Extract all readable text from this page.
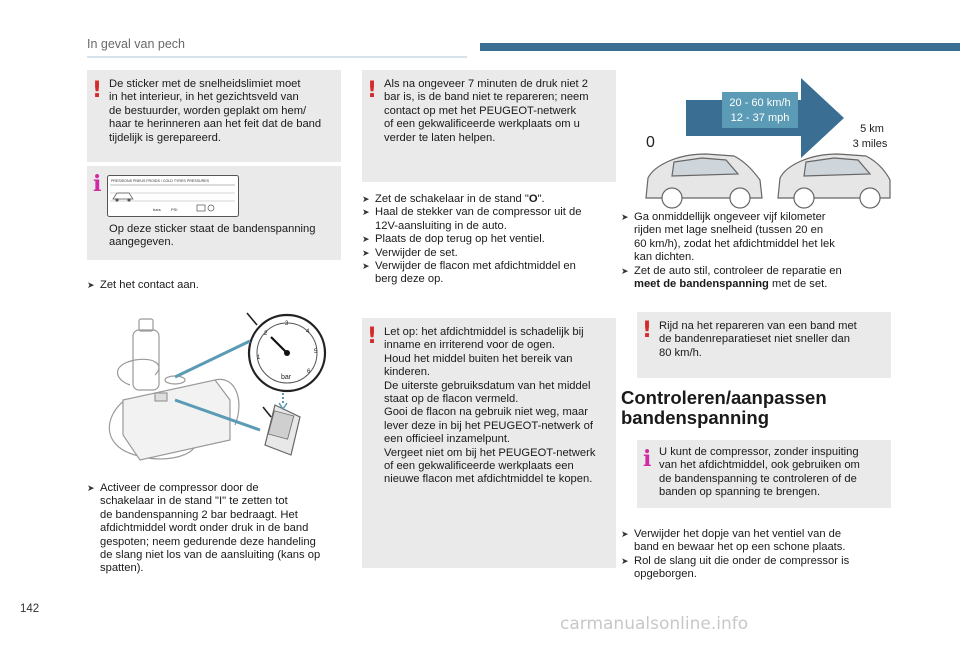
In geval van pech
! De sticker met de snelheidslimiet moet
in het interieur, in het gezichtsveld van
de bestuurder, worden geplakt om hem/
haar te herinneren aan het feit dat de band
tijdelijk is gerepareerd.
i	PRESSIONS PNEUS FROIDS / COLD TYRES PRESSURES
bars	PSI
Op deze sticker staat de bandenspanning
aangegeven.
➤ Zet het contact aan.
1
2
3
4
5
6
bar
➤ Activeer de compressor door de
schakelaar in de stand "I" te zetten tot
de bandenspanning 2 bar bedraagt. Het
afdichtmiddel wordt onder druk in de band
gespoten; neem gedurende deze handeling
de slang niet los van de aansluiting (kans op
spatten).
! Als na ongeveer 7 minuten de druk niet 2
bar is, is de band niet te repareren; neem
contact op met het PEUGEOT-netwerk
of een gekwalificeerde werkplaats om u
verder te laten helpen.
➤ Zet de schakelaar in de stand "O".
➤ Haal de stekker van de compressor uit de
12V-aansluiting in de auto.
➤ Plaats de dop terug op het ventiel.
➤ Verwijder de set.
➤ Verwijder de flacon met afdichtmiddel en
berg deze op.
! Let op: het afdichtmiddel is schadelijk bij
inname en irriterend voor de ogen.
Houd het middel buiten het bereik van
kinderen.
De uiterste gebruiksdatum van het middel
staat op de flacon vermeld.
Gooi de flacon na gebruik niet weg, maar
lever deze in bij het PEUGEOT-netwerk of
een officieel inzamelpunt.
Vergeet niet om bij het PEUGEOT-netwerk
of een gekwalificeerde werkplaats een
nieuwe flacon met afdichtmiddel te kopen.
20 - 60 km/h
12 - 37 mph
0
5 km
3 miles
➤ Ga onmiddellijk ongeveer vijf kilometer
rijden met lage snelheid (tussen 20 en
60 km/h), zodat het afdichtmiddel het lek
kan dichten.
➤ Zet de auto stil, controleer de reparatie en
meet de bandenspanning met de set.
! Rijd na het repareren van een band met
de bandenreparatieset niet sneller dan
80 km/h.
Controleren/aanpassen
bandenspanning
i U kunt de compressor, zonder inspuiting
van het afdichtmiddel, ook gebruiken om
de bandenspanning te controleren of de
banden op spanning te brengen.
➤ Verwijder het dopje van het ventiel van de
band en bewaar het op een schone plaats.
➤ Rol de slang uit die onder de compressor is
opgeborgen.
142
carmanualsonline.info
